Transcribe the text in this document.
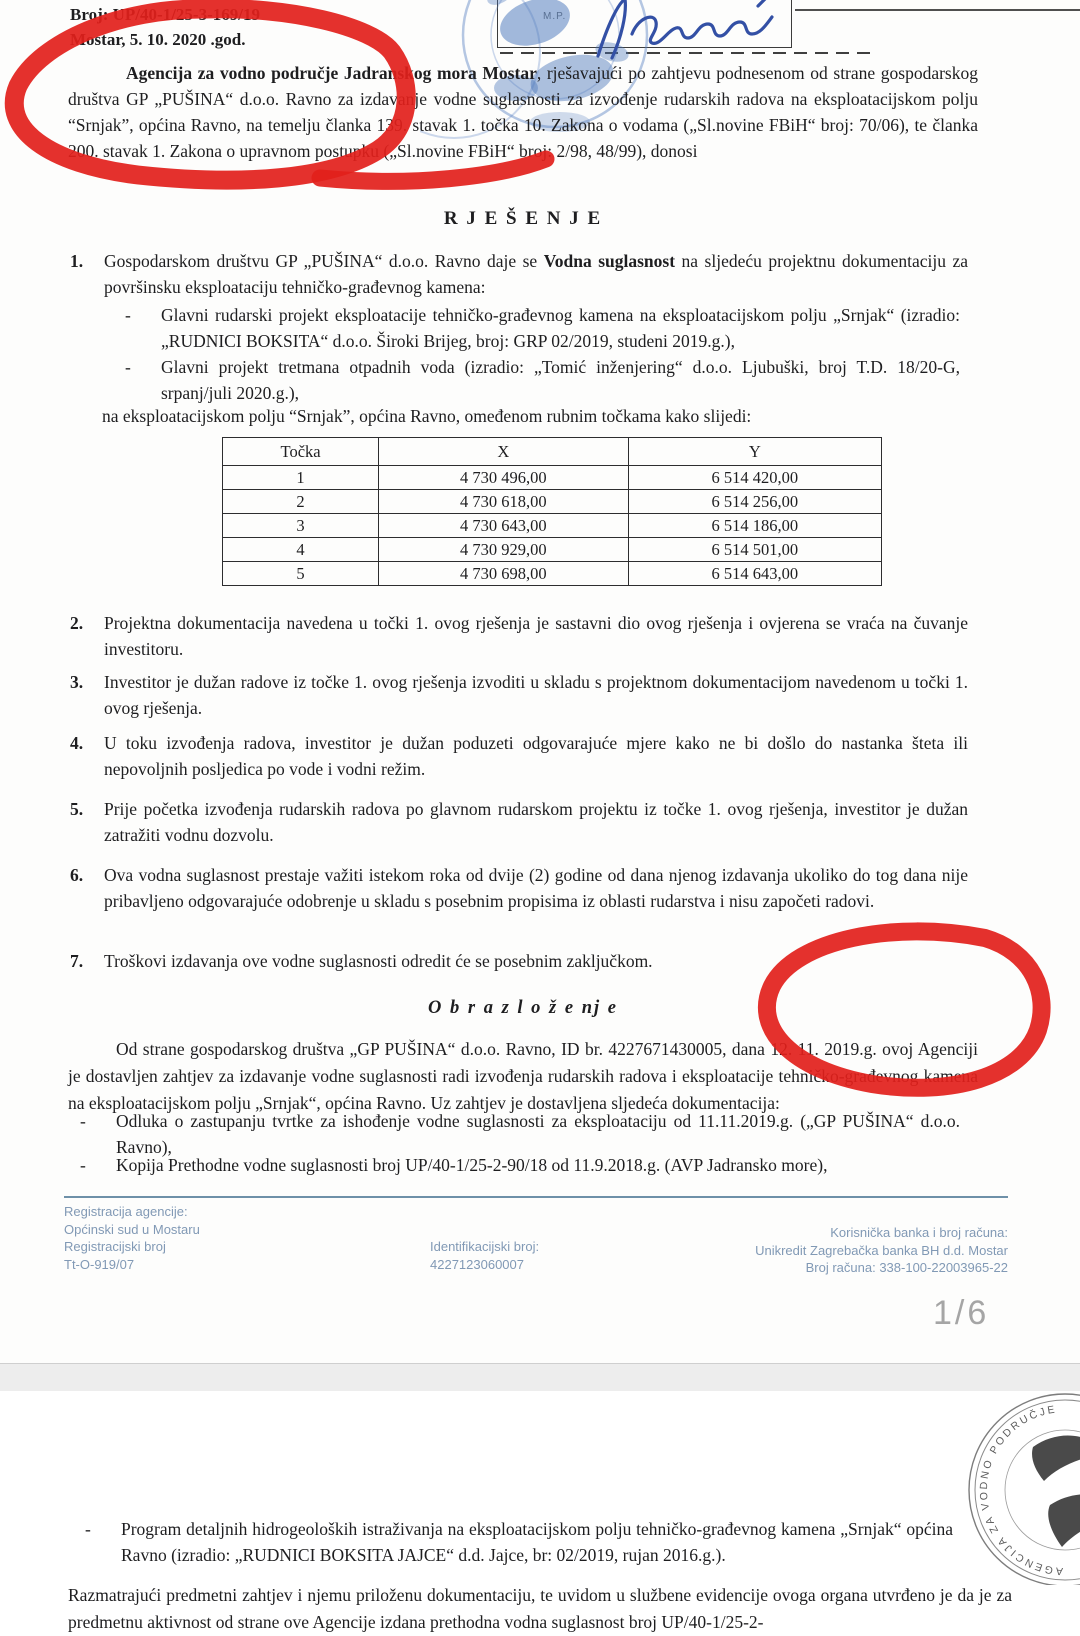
Broj: UP/40-1/25-3-169/19
Mostar, 5. 10. 2020 .god.

Agencija za vodno područje Jadranskog mora Mostar, rješavajući po zahtjevu podnesenom od strane gospodarskog društva GP „PUŠINA“ d.o.o. Ravno za izdavanje vodne suglasnosti za izvođenje rudarskih radova na eksploatacijskom polju “Srnjak”, općina Ravno, na temelju članka 139. stavak 1. točka 10. Zakona o vodama („Sl.novine FBiH“ broj: 70/06), te članka 200. stavak 1. Zakona o upravnom postupku („Sl.novine FBiH“ broj: 2/98, 48/99), donosi

R J E Š E N J E
1.	Gospodarskom društvu GP „PUŠINA“ d.o.o. Ravno daje se Vodna suglasnost na sljedeću projektnu dokumentaciju za površinsku eksploataciju tehničko-građevnog kamena:
-	Glavni rudarski projekt eksploatacije tehničko-građevnog kamena na eksploatacijskom polju „Srnjak“ (izradio: „RUDNICI BOKSITA“ d.o.o. Široki Brijeg, broj: GRP 02/2019, studeni 2019.g.),
-	Glavni projekt tretmana otpadnih voda (izradio: „Tomić inženjering“ d.o.o. Ljubuški, broj T.D. 18/20-G, srpanj/juli 2020.g.),

na eksploatacijskom polju “Srnjak”, općina Ravno, omeđenom rubnim točkama kako slijedi:

Točka	X	Y
1	4 730 496,00	6 514 420,00
2	4 730 618,00	6 514 256,00
3	4 730 643,00	6 514 186,00
4	4 730 929,00	6 514 501,00
5	4 730 698,00	6 514 643,00
2.	Projektna dokumentacija navedena u točki 1. ovog rješenja je sastavni dio ovog rješenja i ovjerena se vraća na čuvanje investitoru.
3.	Investitor je dužan radove iz točke 1. ovog rješenja izvoditi u skladu s projektnom dokumentacijom navedenom u točki 1. ovog rješenja.
4.	U toku izvođenja radova, investitor je dužan poduzeti odgovarajuće mjere kako ne bi došlo do nastanka šteta ili nepovoljnih posljedica po vode i vodni režim.
5.	Prije početka izvođenja rudarskih radova po glavnom rudarskom projektu iz točke 1. ovog rješenja, investitor je dužan zatražiti vodnu dozvolu.
6.	Ova vodna suglasnost prestaje važiti istekom roka od dvije (2) godine od dana njenog izdavanja ukoliko do tog dana nije pribavljeno odgovarajuće odobrenje u skladu s posebnim propisima iz oblasti rudarstva i nisu započeti radovi.
7.	Troškovi izdavanja ove vodne suglasnosti odredit će se posebnim zaključkom.
O b r a z l o ž e nj e

Od strane gospodarskog društva „GP PUŠINA“ d.o.o. Ravno, ID br. 4227671430005, dana 12. 11. 2019.g. ovoj Agenciji je dostavljen zahtjev za izdavanje vodne suglasnosti radi izvođenja rudarskih radova i eksploatacije tehničko-građevnog kamena na eksploatacijskom polju „Srnjak“, općina Ravno. Uz zahtjev je dostavljena sljedeća dokumentacija:

-	Odluka o zastupanju tvrtke za ishođenje vodne suglasnosti za eksploataciju od 11.11.2019.g. („GP PUŠINA“ d.o.o. Ravno),
-	Kopija Prethodne vodne suglasnosti broj UP/40-1/25-2-90/18 od 11.9.2018.g. (AVP Jadransko more),
Registracija agencije:
Općinski sud u Mostaru
Registracijski broj
Tt-O-919/07
Identifikacijski broj:
4227123060007
Korisnička banka i broj računa:
Unikredit Zagrebačka banka BH d.d. Mostar
Broj računa: 338-100-22003965-22
1/6
-	Program detaljnih hidrogeoloških istraživanja na eksploatacijskom polju tehničko-građevnog kamena „Srnjak“ općina Ravno (izradio: „RUDNICI BOKSITA JAJCE“ d.d. Jajce, br: 02/2019, rujan 2016.g.).

Razmatrajući predmetni zahtjev i njemu priloženu dokumentaciju, te uvidom u službene evidencije ovoga organa utvrđeno je da je za predmetnu aktivnost od strane ove Agencije izdana prethodna vodna suglasnost broj UP/40-1/25-2-

AGENCIJA ZA VODNO PODRUČJE
